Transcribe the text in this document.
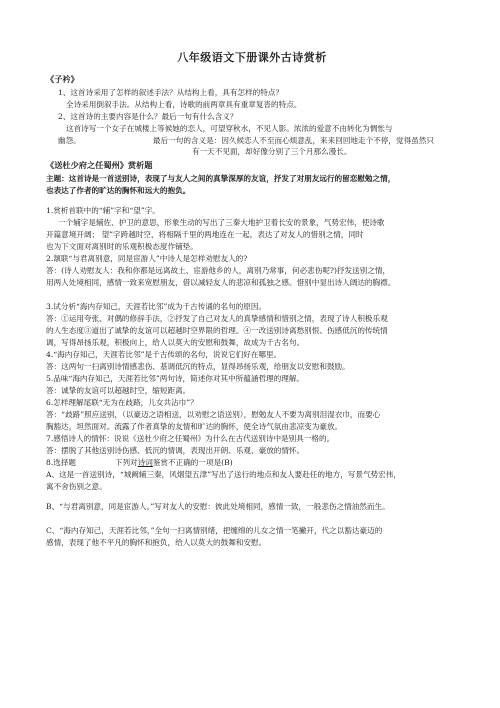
八年级语文下册课外古诗赏析
《子衿》
1、这首诗采用了怎样的叙述手法？从结构上看，具有怎样的特点？
全诗采用倒叙手法。从结构上看，诗歌的前两章具有重章复沓的特点。
2、这首诗的主要内容是什么？最后一句有什么含义？
这首诗写一个女子在城楼上等候她的恋人，可望穿秋水，不见人影。浓浓的爱意不由转化为惆怅与
幽怨。	最后一句的含义是：因久候恋人不至而心烦意乱，来来回回地走个不停，觉得虽然只
有一天不见面，却好像分别了三个月那么漫长。
《送杜少府之任蜀州》赏析题
主题：这首诗是一首送别诗，表现了与友人之间的真挚深厚的友谊，抒发了对朋友远行的留恋慰勉之情，
也表达了作者的旷达的胸怀和远大的抱负。
1.赏析首联中的“辅”字和“望”字。
一个辅字是辅佐、护卫的意思，形象生动的写出了三秦大地护卫着长安的景象，气势宏伟，使诗歌
开篇意境开阔； 望”字跨越时空，将相隔千里的两地连在一起，表达了对友人的惜别之情，同时
也为下文面对离别时的乐观积极态度作铺垫。
2.颔联“与君离别意，同是宦游人”中诗人是怎样劝慰友人的?
答：(诗人劝慰友人：我和你都是远离故土、宦游他乡的人，离别乃常事，何必悲伤呢?)抒发送别之情，
用两人处境相同，感情一致来宽慰朋友，借以减轻友人的悲凉和孤独之感。惜别中显出诗人阔达的胸襟。
3.试分析“海内存知己，天涯若比邻”成为千古传诵的名句的原因。
答：①运用夸张、对偶的修辞手法，②抒发了自己对友人的真挚感情和惜别之情，表现了诗人积极乐观
的人生态度③道出了诚挚的友谊可以超越时空界限的哲理。④一改送别诗离愁别恨、伤感低沉的传统情
调，写得昂扬乐观，积极向上，给人以莫大的安慰和鼓舞，故成为千古名句。
4.“海内存知己，天涯若比邻”是千古传颂的名句，说说它们好在哪里。
答：这两句一扫离别诗情感悲伤、基调低沉的特点，显得昂扬乐观，给朋友以安慰和鼓励。
5.品味“海内存知己，天涯若比邻”两句诗，简述你对其中所蕴涵哲理的理解。
答：诚挚的友谊可以超越时空，缩短距离。
6.怎样理解尾联“无为在歧路，儿女共沾巾”？
答：“歧路”照应送别，（以豪迈之语相送，以劝慰之语送别），慰勉友人不要为离别泪湿衣巾，而要心
胸豁达，坦然面对。流露了作者真挚的友情和旷达的胸怀，使全诗气氛由悲凉变为豪放。
7.感悟诗人的情怀：说说《送杜少府之任蜀州》为什么在古代送别诗中是别具一格的。
答：摆脱了其他送别诗伤感、低沉的情调，表现出开朗、乐观、豪放的情怀。
8.选择题	下列对诗词鉴赏不正确的一项是(B)
A、这是一首送别诗，“城阙辅三秦，风烟望五津”写出了送行的地点和友人要赴任的地方，写景气势宏伟，
寓不舍伤别之意。
B、“与君离别意，同是宦游人。”写对友人的安慰：彼此处境相同，感情一致，一般悲伤之情油然而生。
C、“海内存知己，天涯若比邻，”全句一扫离情别绪，把缠绵的儿女之情一笔撇开，代之以豁达豪迈的
感情，表现了他不平凡的胸怀和抱负，给人以莫大的鼓舞和安慰。
